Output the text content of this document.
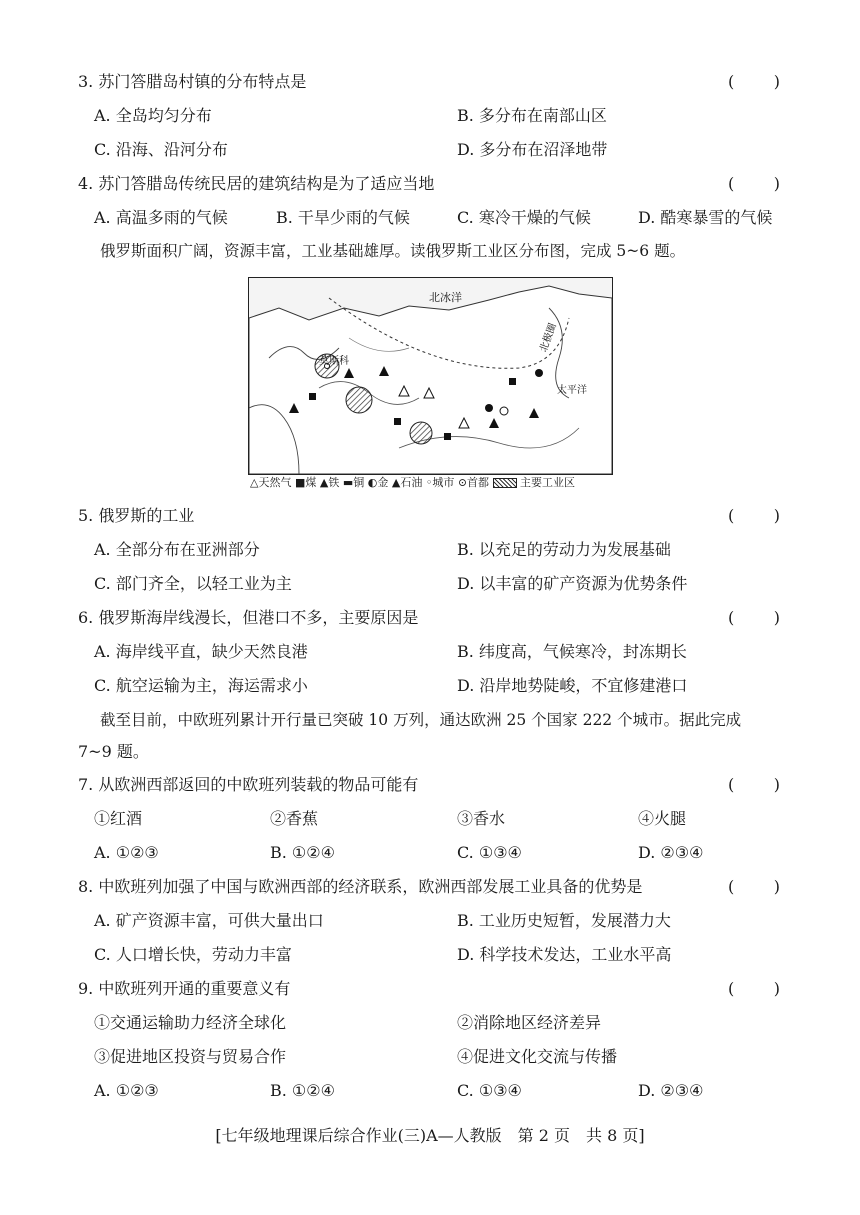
3. 苏门答腊岛村镇的分布特点是	( )
A. 全岛均匀分布	B. 多分布在南部山区
C. 沿海、沿河分布	D. 多分布在沼泽地带
4. 苏门答腊岛传统民居的建筑结构是为了适应当地	( )
A. 高温多雨的气候	B. 干旱少雨的气候	C. 寒冷干燥的气候	D. 酷寒暴雪的气候
俄罗斯面积广阔，资源丰富，工业基础雄厚。读俄罗斯工业区分布图，完成 5~6 题。
北冰洋
北极圈
莫斯科
太平洋
△天然气 ■煤 ▲铁 ▬铜 ◐金 ▲石油 ◦城市 ⊙首都	主要工业区
5. 俄罗斯的工业	( )
A. 全部分布在亚洲部分	B. 以充足的劳动力为发展基础
C. 部门齐全，以轻工业为主	D. 以丰富的矿产资源为优势条件
6. 俄罗斯海岸线漫长，但港口不多，主要原因是	( )
A. 海岸线平直，缺少天然良港	B. 纬度高，气候寒冷，封冻期长
C. 航空运输为主，海运需求小	D. 沿岸地势陡峻，不宜修建港口
截至目前，中欧班列累计开行量已突破 10 万列，通达欧洲 25 个国家 222 个城市。据此完成
7~9 题。
7. 从欧洲西部返回的中欧班列装载的物品可能有	( )
①红酒	②香蕉	③香水	④火腿
A. ①②③	B. ①②④	C. ①③④	D. ②③④
8. 中欧班列加强了中国与欧洲西部的经济联系，欧洲西部发展工业具备的优势是	( )
A. 矿产资源丰富，可供大量出口	B. 工业历史短暂，发展潜力大
C. 人口增长快，劳动力丰富	D. 科学技术发达，工业水平高
9. 中欧班列开通的重要意义有	( )
①交通运输助力经济全球化	②消除地区经济差异
③促进地区投资与贸易合作	④促进文化交流与传播
A. ①②③	B. ①②④	C. ①③④	D. ②③④
[七年级地理课后综合作业(三)A—人教版　第 2 页　共 8 页]
